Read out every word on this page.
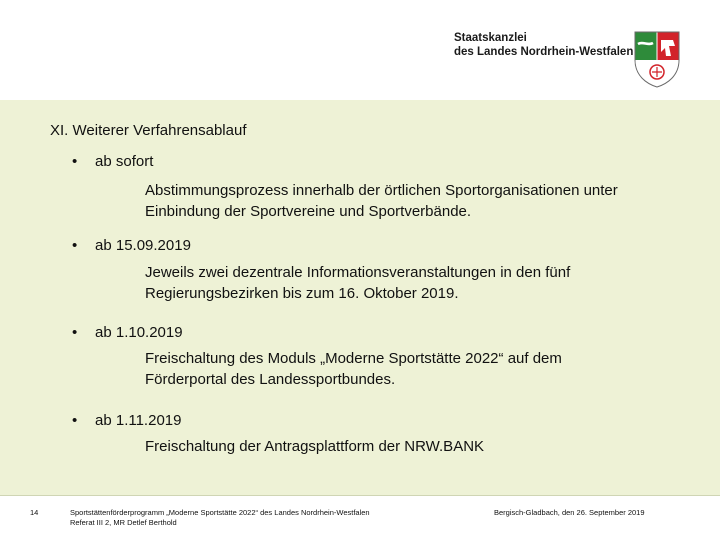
Staatskanzlei
des Landes Nordrhein-Westfalen
XI. Weiterer Verfahrensablauf
• ab sofort
Abstimmungsprozess innerhalb der örtlichen Sportorganisationen unter
Einbindung der Sportvereine und Sportverbände.
• ab 15.09.2019
Jeweils zwei dezentrale Informationsveranstaltungen in den fünf
Regierungsbezirken bis zum 16. Oktober 2019.
• ab 1.10.2019
Freischaltung des Moduls „Moderne Sportstätte 2022“ auf dem
Förderportal des Landessportbundes.
• ab 1.11.2019
Freischaltung der Antragsplattform der NRW.BANK
14	Sportstättenförderprogramm „Moderne Sportstätte 2022“ des Landes Nordrhein-Westfalen
Referat III 2, MR Detlef Berthold
Bergisch-Gladbach, den 26. September 2019
